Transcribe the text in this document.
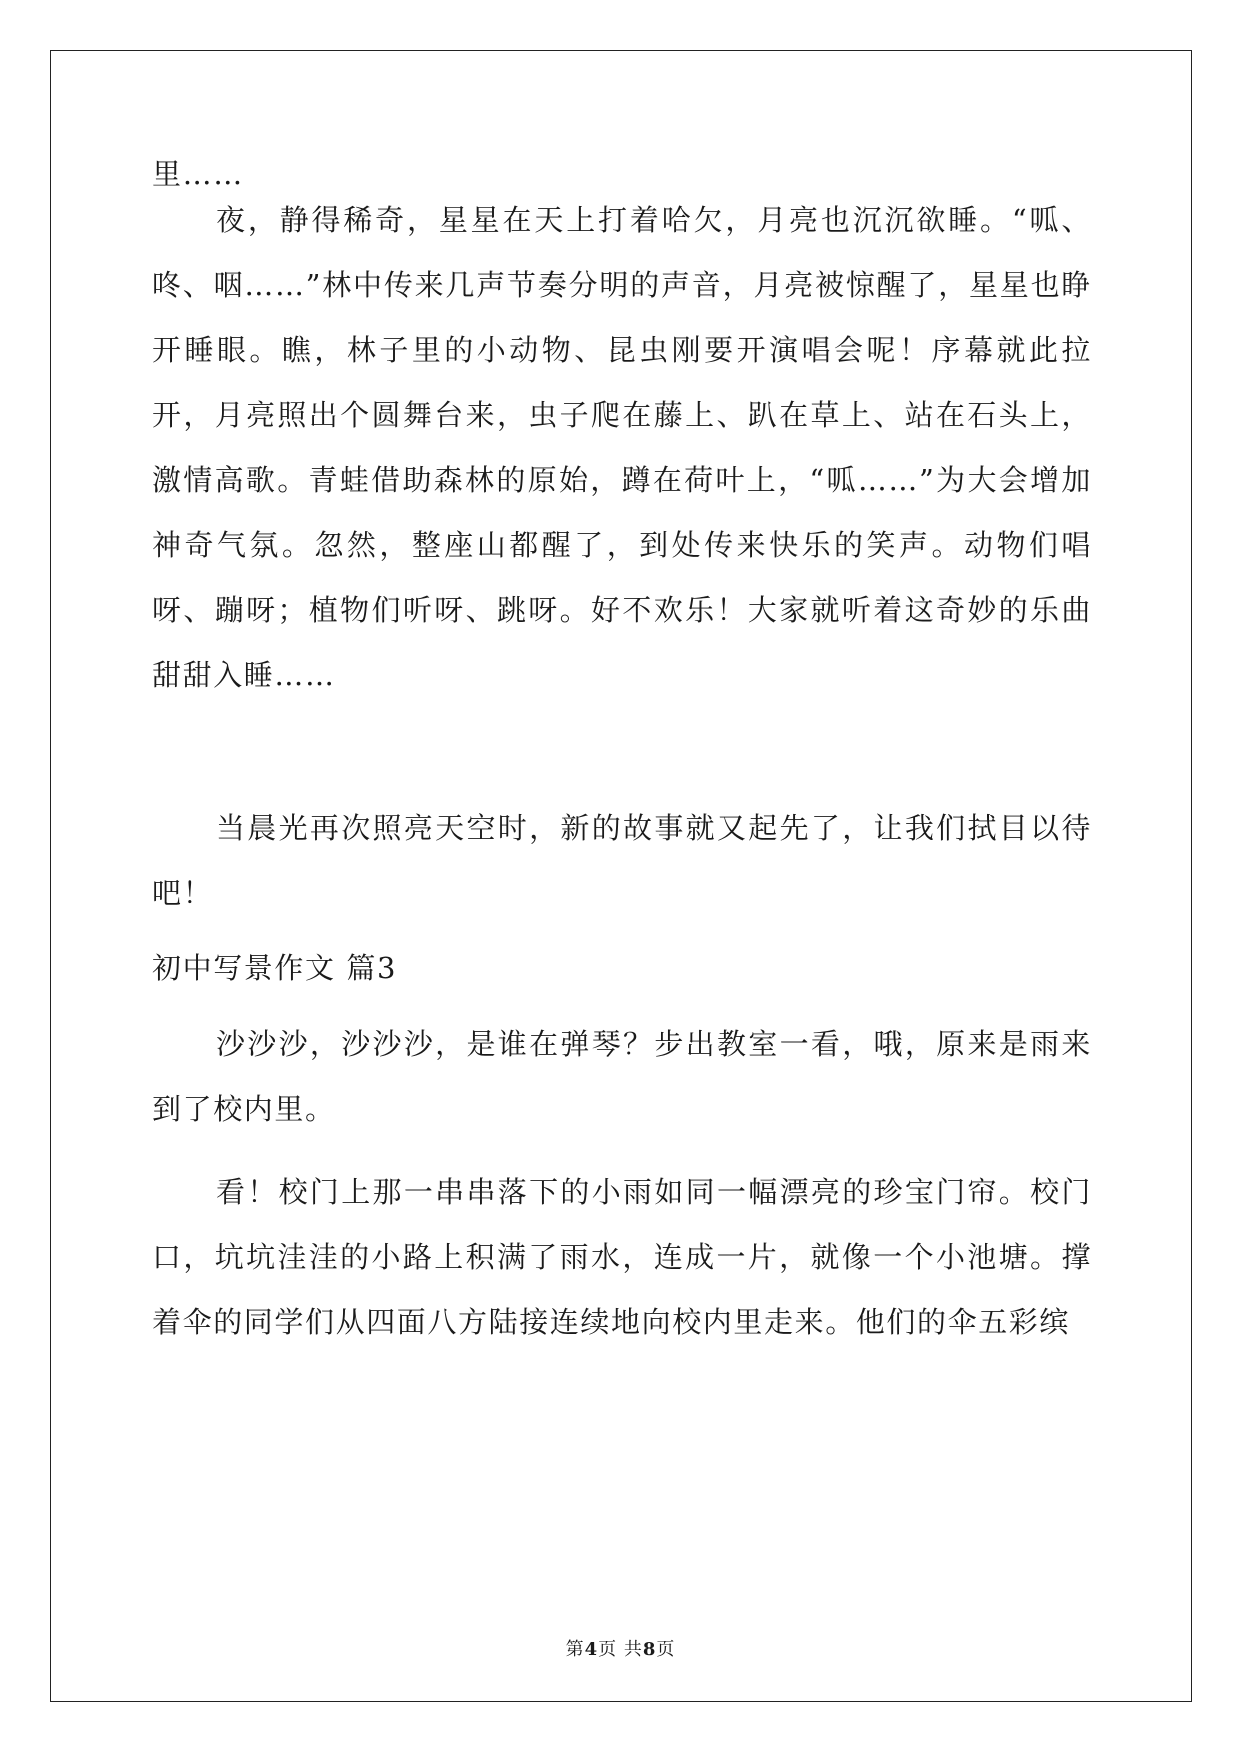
里……
夜，静得稀奇，星星在天上打着哈欠，月亮也沉沉欲睡。“呱、咚、咽……”林中传来几声节奏分明的声音，月亮被惊醒了，星星也睁开睡眼。瞧，林子里的小动物、昆虫刚要开演唱会呢！序幕就此拉开，月亮照出个圆舞台来，虫子爬在藤上、趴在草上、站在石头上，激情高歌。青蛙借助森林的原始，蹲在荷叶上，“呱……”为大会增加神奇气氛。忽然，整座山都醒了，到处传来快乐的笑声。动物们唱呀、蹦呀；植物们听呀、跳呀。好不欢乐！大家就听着这奇妙的乐曲甜甜入睡……
当晨光再次照亮天空时，新的故事就又起先了，让我们拭目以待吧！
初中写景作文 篇3
沙沙沙，沙沙沙，是谁在弹琴？步出教室一看，哦，原来是雨来到了校内里。
看！校门上那一串串落下的小雨如同一幅漂亮的珍宝门帘。校门口，坑坑洼洼的小路上积满了雨水，连成一片，就像一个小池塘。撑着伞的同学们从四面八方陆接连续地向校内里走来。他们的伞五彩缤
第4页 共8页
